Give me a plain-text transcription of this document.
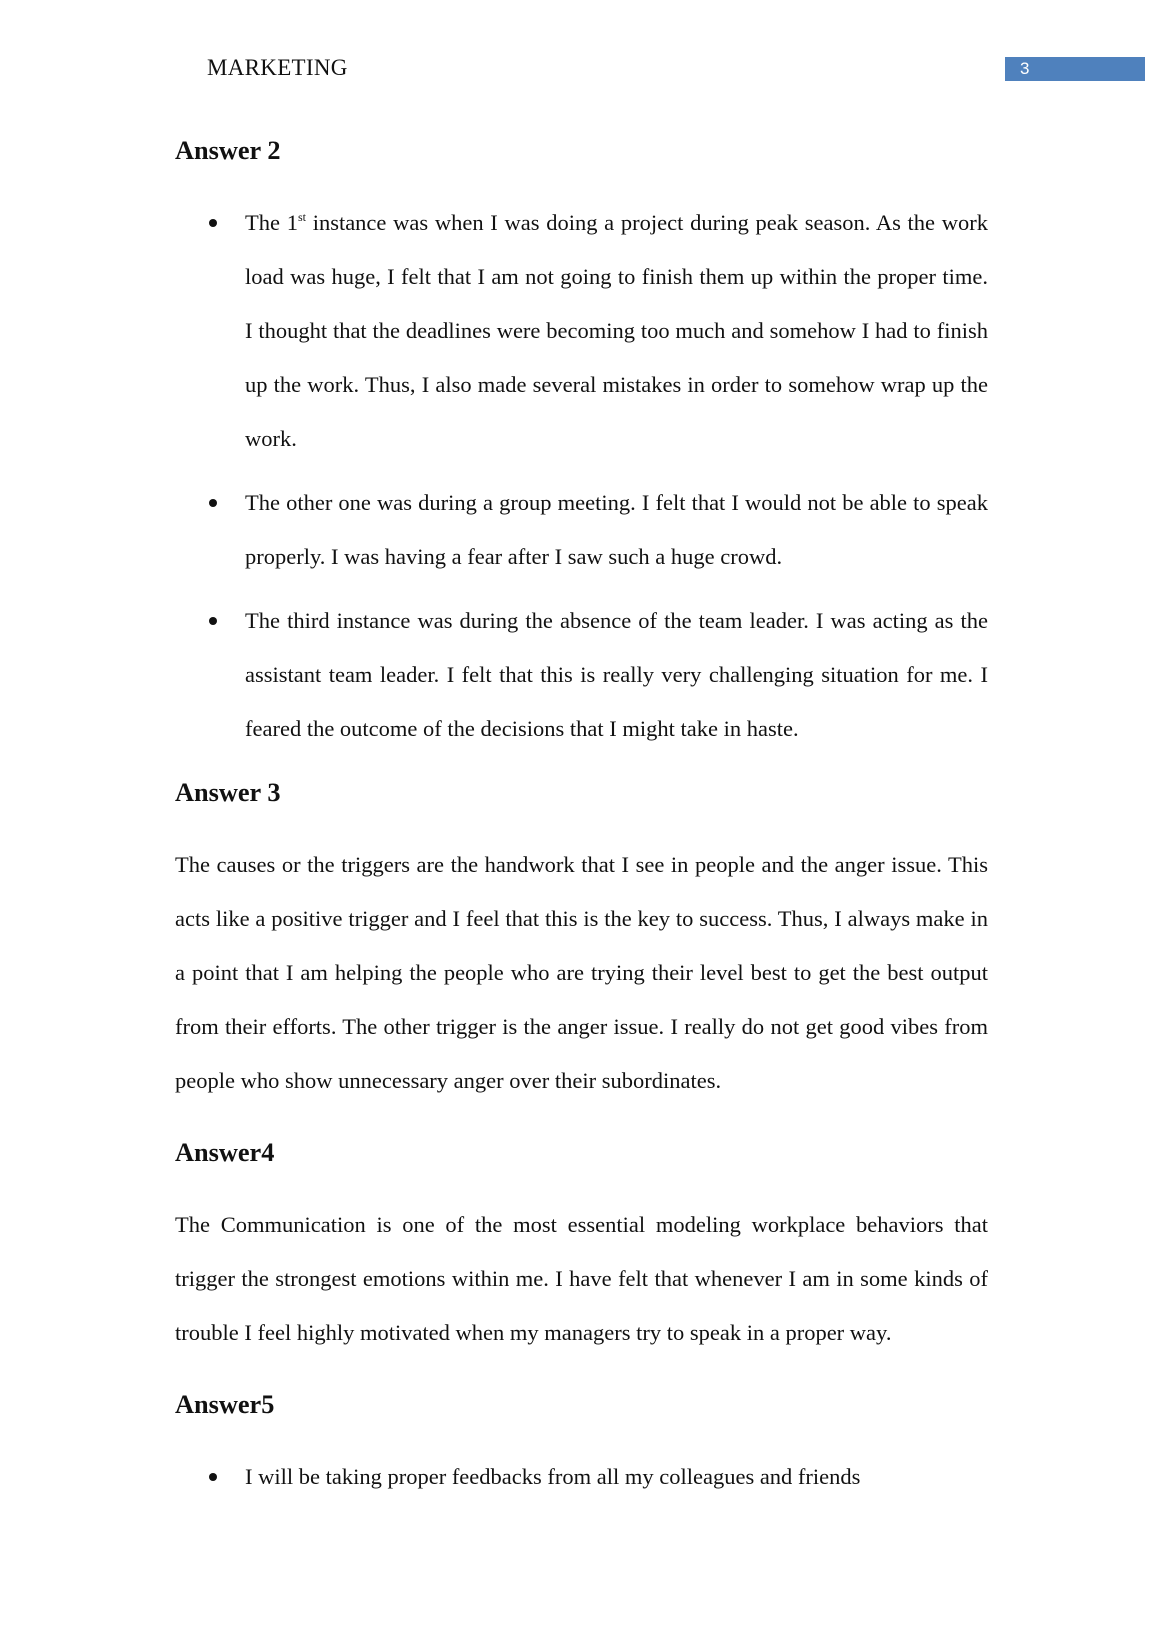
MARKETING	3
Answer 2
The 1st instance was when I was doing a project during peak season. As the work load was huge, I felt that I am not going to finish them up within the proper time. I thought that the deadlines were becoming too much and somehow I had to finish up the work. Thus, I also made several mistakes in order to somehow wrap up the work.
The other one was during a group meeting. I felt that I would not be able to speak properly. I was having a fear after I saw such a huge crowd.
The third instance was during the absence of the team leader. I was acting as the assistant team leader. I felt that this is really very challenging situation for me. I feared the outcome of the decisions that I might take in haste.
Answer 3

The causes or the triggers are the handwork that I see in people and the anger issue. This acts like a positive trigger and I feel that this is the key to success. Thus, I always make in a point that I am helping the people who are trying their level best to get the best output from their efforts. The other trigger is the anger issue. I really do not get good vibes from people who show unnecessary anger over their subordinates.

Answer4

The Communication is one of the most essential modeling workplace behaviors that trigger the strongest emotions within me. I have felt that whenever I am in some kinds of trouble I feel highly motivated when my managers try to speak in a proper way.

Answer5
I will be taking proper feedbacks from all my colleagues and friends
